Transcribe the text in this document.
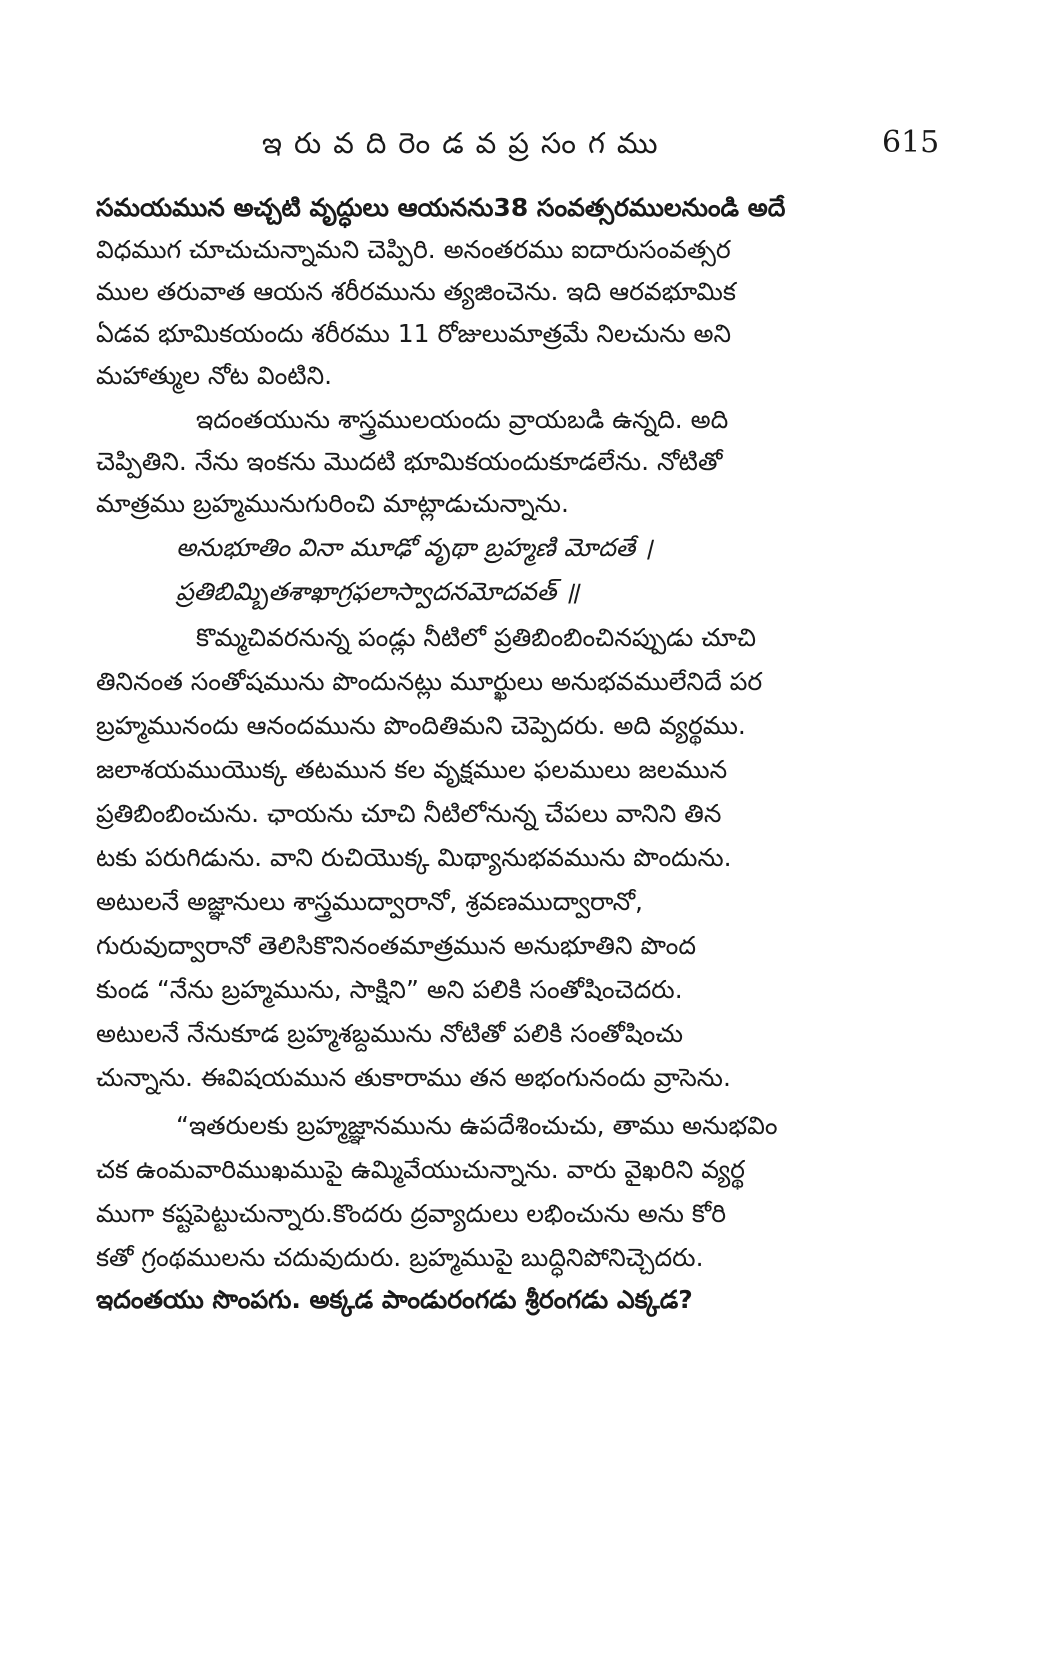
ఇరువదిరెండవప్రసంగము	615
సమయమున అచ్చటి వృద్ధులు ఆయనను38 సంవత్సరములనుండి అదే
విధముగ చూచుచున్నామని చెప్పిరి. అనంతరము ఐదారుసంవత్సర
ముల తరువాత ఆయన శరీరమును త్యజించెను. ఇది ఆరవభూమిక
ఏడవ భూమికయందు శరీరము 11 రోజులుమాత్రమే నిలచును అని
మహాత్ముల నోట వింటిని.
ఇదంతయును శాస్త్రములయందు వ్రాయబడి ఉన్నది. అది
చెప్పితిని. నేను ఇంకను మొదటి భూమికయందుకూడలేను. నోటితో
మాత్రము బ్రహ్మమునుగురించి మాట్లాడుచున్నాను.
అనుభూతిం వినా మూఢో వృథా బ్రహ్మణి మోదతే ।
ప్రతిబిమ్బితశాఖాగ్రఫలాస్వాదనమోదవత్ ॥
కొమ్మచివరనున్న పండ్లు నీటిలో ప్రతిబింబించినప్పుడు చూచి
తినినంత సంతోషమును పొందునట్లు మూర్ఖులు అనుభవములేనిదే పర
బ్రహ్మమునందు ఆనందమును పొందితిమని చెప్పెదరు. అది వ్యర్థము.
జలాశయముయొక్క తటమున కల వృక్షముల ఫలములు జలమున
ప్రతిబింబించును. ఛాయను చూచి నీటిలోనున్న చేపలు వానిని తిన
టకు పరుగిడును. వాని రుచియొక్క మిథ్యానుభవమును పొందును.
అటులనే అజ్ఞానులు శాస్త్రముద్వారానో, శ్రవణముద్వారానో,
గురువుద్వారానో తెలిసికొనినంతమాత్రమున అనుభూతిని పొంద
కుండ “నేను బ్రహ్మమును, సాక్షిని” అని పలికి సంతోషించెదరు.
అటులనే నేనుకూడ బ్రహ్మశబ్దమును నోటితో పలికి సంతోషించు
చున్నాను. ఈవిషయమున తుకారాము తన అభంగునందు వ్రాసెను.
“ఇతరులకు బ్రహ్మజ్ఞానమును ఉపదేశించుచు, తాము అనుభవిం
చక ఉంమవారిముఖముపై ఉమ్మివేయుచున్నాను. వారు వైఖరిని వ్యర్థ
ముగా కష్టపెట్టుచున్నారు.కొందరు ద్రవ్యాదులు లభించును అను కోరి
కతో గ్రంథములను చదువుదురు. బ్రహ్మముపై బుద్ధినిపోనిచ్చెదరు.
ఇదంతయు సొంపగు. అక్కడ పాండురంగడు శ్రీరంగడు ఎక్కడ?
